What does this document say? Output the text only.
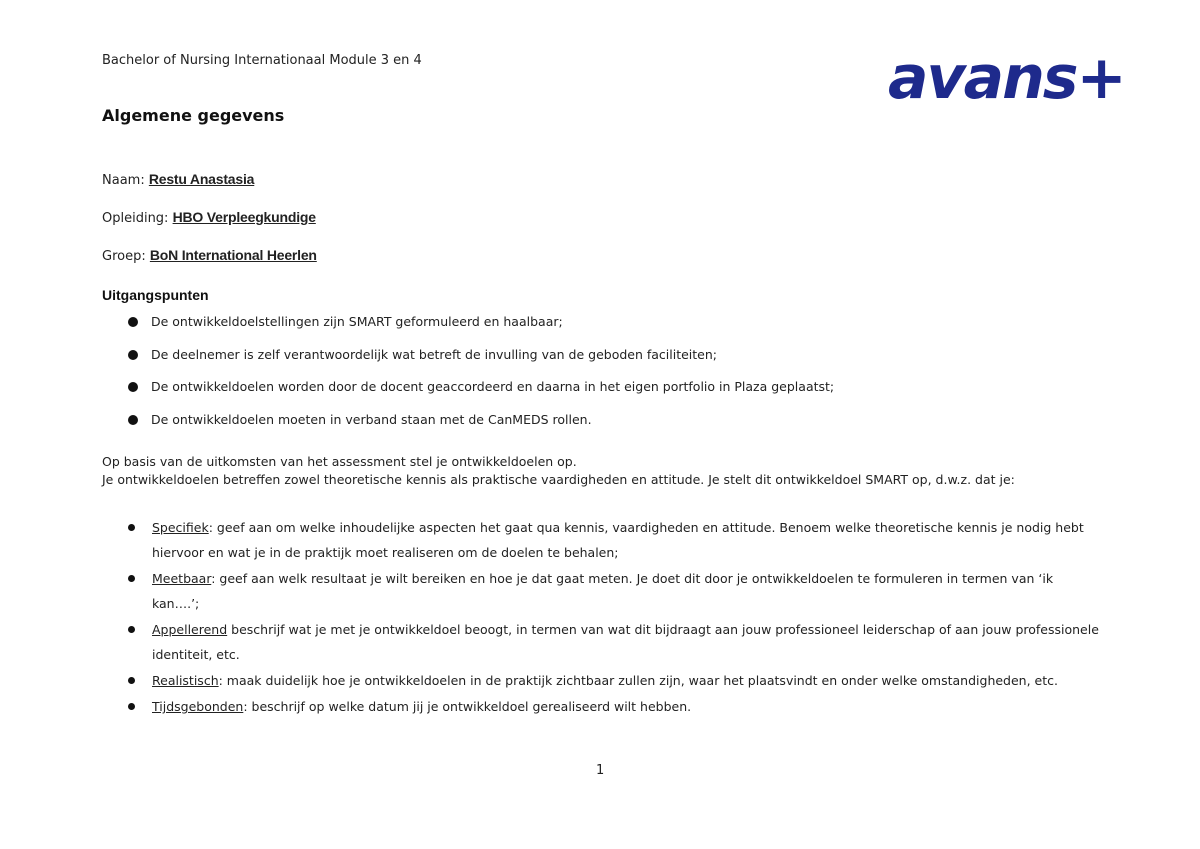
Bachelor of Nursing Internationaal Module 3 en 4	avans+
Algemene gegevens
Naam: Restu Anastasia
Opleiding: HBO Verpleegkundige
Groep: BoN International Heerlen
Uitgangspunten
De ontwikkeldoelstellingen zijn SMART geformuleerd en haalbaar;
De deelnemer is zelf verantwoordelijk wat betreft de invulling van de geboden faciliteiten;
De ontwikkeldoelen worden door de docent geaccordeerd en daarna in het eigen portfolio in Plaza geplaatst;
De ontwikkeldoelen moeten in verband staan met de CanMEDS rollen.
Op basis van de uitkomsten van het assessment stel je ontwikkeldoelen op.
Je ontwikkeldoelen betreffen zowel theoretische kennis als praktische vaardigheden en attitude. Je stelt dit ontwikkeldoel SMART op, d.w.z. dat je:
Specifiek: geef aan om welke inhoudelijke aspecten het gaat qua kennis, vaardigheden en attitude. Benoem welke theoretische kennis je nodig hebt hiervoor en wat je in de praktijk moet realiseren om de doelen te behalen;
Meetbaar: geef aan welk resultaat je wilt bereiken en hoe je dat gaat meten. Je doet dit door je ontwikkeldoelen te formuleren in termen van ‘ik kan….’;
Appellerend beschrijf wat je met je ontwikkeldoel beoogt, in termen van wat dit bijdraagt aan jouw professioneel leiderschap of aan jouw professionele identiteit, etc.
Realistisch: maak duidelijk hoe je ontwikkeldoelen in de praktijk zichtbaar zullen zijn, waar het plaatsvindt en onder welke omstandigheden, etc.
Tijdsgebonden: beschrijf op welke datum jij je ontwikkeldoel gerealiseerd wilt hebben.
1
